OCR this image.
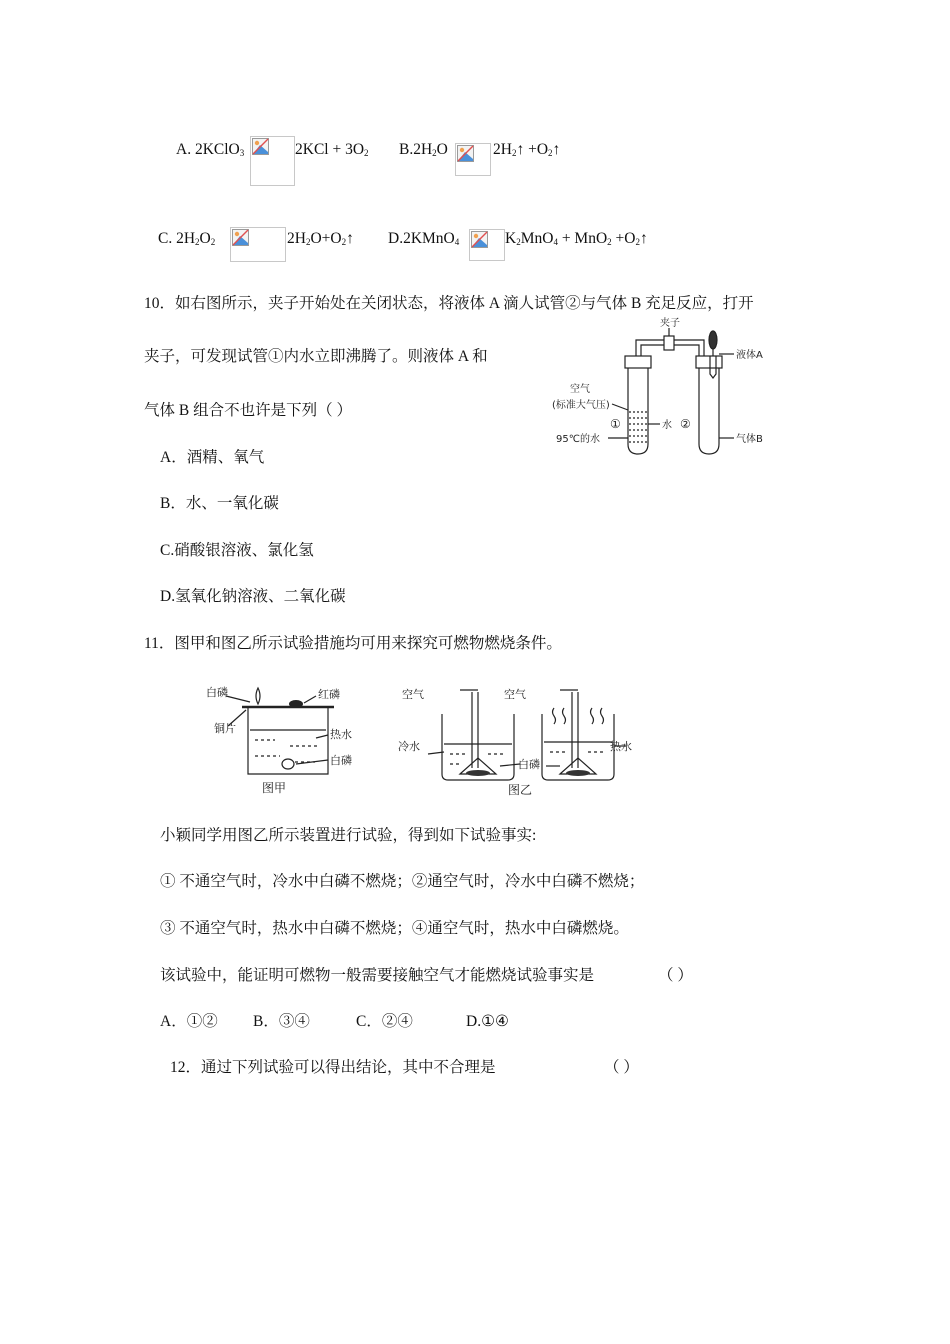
A. 2KClO$_3$	$2KCl + 3O_2$ $B.2H_2O$	$2H_2↑$ $+O_2↑$
C. $2H_2O_2$	$2H_2O+O_2↑$ D.2KMnO$_4$	$K_2MnO_4 + MnO_2$ $+O_2↑$
10．如右图所示，夹子开始处在关闭状态，将液体 A 滴人试管②与气体 B 充足反应，打开
夹子，可发现试管①内水立即沸腾了。则液体 A 和
气体 B 组合不也许是下列（ ）
A．酒精、氧气
B．水、一氧化碳
C.硝酸银溶液、氯化氢
D.氢氧化钠溶液、二氧化碳
夹子
液体A
空气
(标准大气压)
①	②
水
气体B
95℃的水
11．图甲和图乙所示试验措施均可用来探究可燃物燃烧条件。
白磷	红磷
铜片	热水
白磷
图甲
空气	空气
冷水
白磷
热水
图乙
小颖同学用图乙所示装置进行试验，得到如下试验事实:
① 不通空气时，冷水中白磷不燃烧；②通空气时，冷水中白磷不燃烧；
③ 不通空气时，热水中白磷不燃烧；④通空气时，热水中白磷燃烧。
该试验中，能证明可燃物一般需要接触空气才能燃烧试验事实是	（ ）
A．①② B．③④	C．②④	D.①④
12．通过下列试验可以得出结论，其中不合理是	（ ）
